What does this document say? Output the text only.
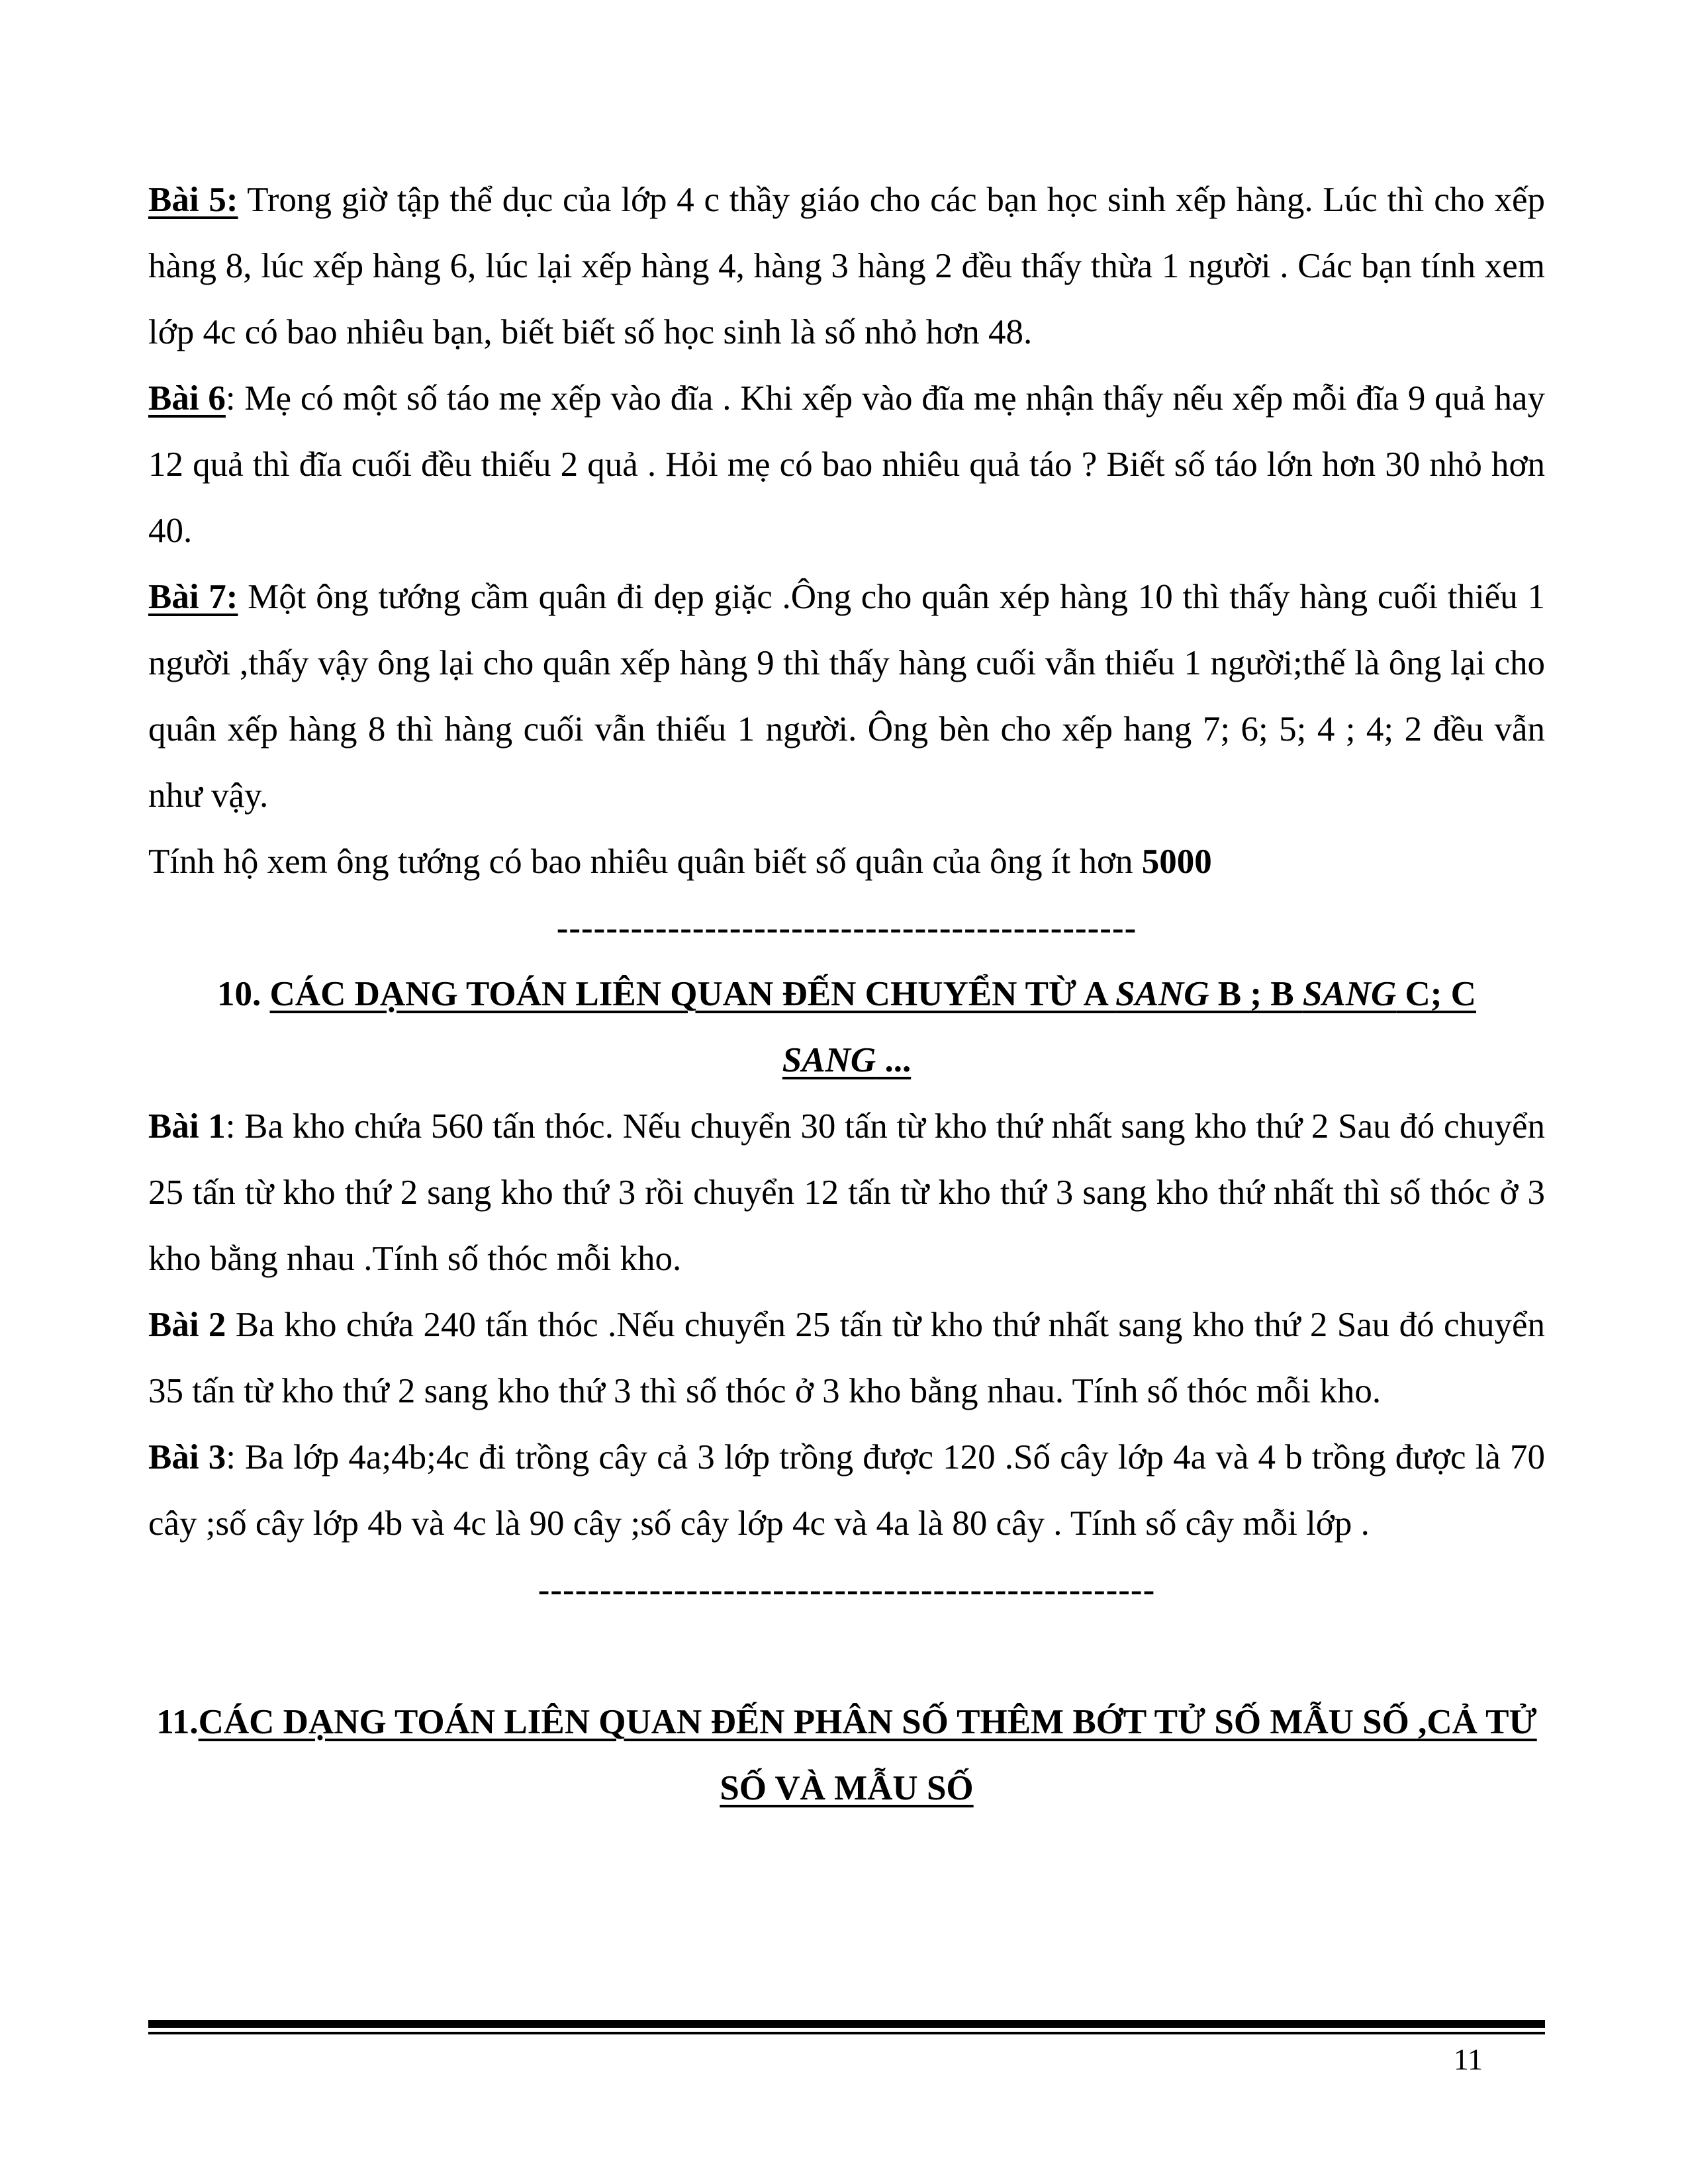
Bài 5: Trong giờ tập thể dục của lớp 4 c thầy giáo cho các bạn học sinh xếp hàng. Lúc thì cho xếp hàng 8, lúc xếp hàng 6, lúc lại xếp hàng 4, hàng 3 hàng 2 đều thấy thừa 1 người . Các bạn tính xem lớp 4c có bao nhiêu bạn, biết biết số học sinh là số nhỏ hơn 48.

Bài 6: Mẹ có một số táo mẹ xếp vào đĩa . Khi xếp vào đĩa mẹ nhận thấy nếu xếp mỗi đĩa 9 quả hay 12 quả thì đĩa cuối đều thiếu 2 quả . Hỏi mẹ có bao nhiêu quả táo ? Biết số táo lớn hơn 30 nhỏ hơn 40.

Bài 7: Một ông tướng cầm quân đi dẹp giặc .Ông cho quân xép hàng 10 thì thấy hàng cuối thiếu 1 người ,thấy vậy ông lại cho quân xếp hàng 9 thì thấy hàng cuối vẫn thiếu 1 người;thế là ông lại cho quân xếp hàng 8 thì hàng cuối vẫn thiếu 1 người. Ông bèn cho xếp hang 7; 6; 5; 4 ; 4; 2 đều vẫn như vậy.

Tính hộ xem ông tướng có bao nhiêu quân biết số quân của ông ít hơn 5000

-----------------------------------------------

10. CÁC DẠNG TOÁN LIÊN QUAN ĐẾN CHUYỂN TỪ A SANG B ; B SANG C; C
SANG ...

Bài 1: Ba kho chứa 560 tấn thóc. Nếu chuyển 30 tấn từ kho thứ nhất sang kho thứ 2 Sau đó chuyển 25 tấn từ kho thứ 2 sang kho thứ 3 rồi chuyển 12 tấn từ kho thứ 3 sang kho thứ nhất thì số thóc ở 3 kho bằng nhau .Tính số thóc mỗi kho.

Bài 2 Ba kho chứa 240 tấn thóc .Nếu chuyển 25 tấn từ kho thứ nhất sang kho thứ 2 Sau đó chuyển 35 tấn từ kho thứ 2 sang kho thứ 3 thì số thóc ở 3 kho bằng nhau. Tính số thóc mỗi kho.

Bài 3: Ba lớp 4a;4b;4c đi trồng cây cả 3 lớp trồng được 120 .Số cây lớp 4a và 4 b trồng được là 70 cây ;số cây lớp 4b và 4c là 90 cây ;số cây lớp 4c và 4a là 80 cây . Tính số cây mỗi lớp .

--------------------------------------------------

11.CÁC DẠNG TOÁN LIÊN QUAN ĐẾN PHÂN SỐ THÊM BỚT TỬ SỐ MẪU SỐ ,CẢ TỬ SỐ VÀ MẪU SỐ

11
